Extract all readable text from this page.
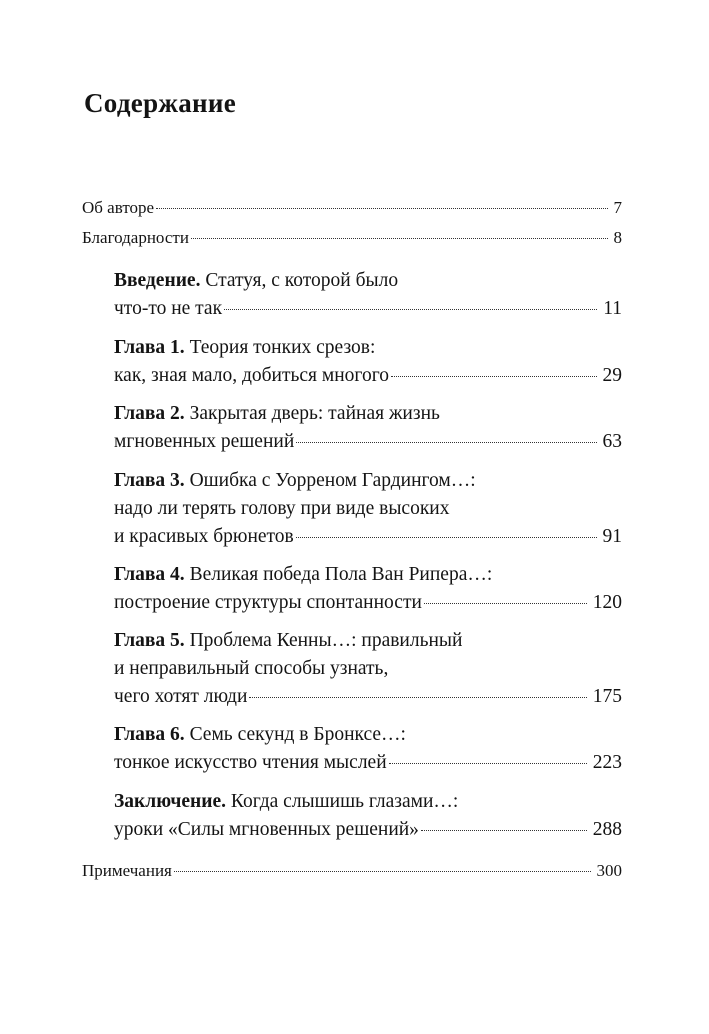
Содержание
Об авторе	7
Благодарности	8
Введение. Статуя, с которой было
что-то не так	11
Глава 1. Теория тонких срезов:
как, зная мало, добиться многого	29
Глава 2. Закрытая дверь: тайная жизнь
мгновенных решений	63
Глава 3. Ошибка с Уорреном Гардингом…:
надо ли терять голову при виде высоких
и красивых брюнетов	91
Глава 4. Великая победа Пола Ван Рипера…:
построение структуры спонтанности	120
Глава 5. Проблема Кенны…: правильный
и неправильный способы узнать,
чего хотят люди	175
Глава 6. Семь секунд в Бронксе…:
тонкое искусство чтения мыслей	223
Заключение. Когда слышишь глазами…:
уроки «Силы мгновенных решений»	288
Примечания	300
